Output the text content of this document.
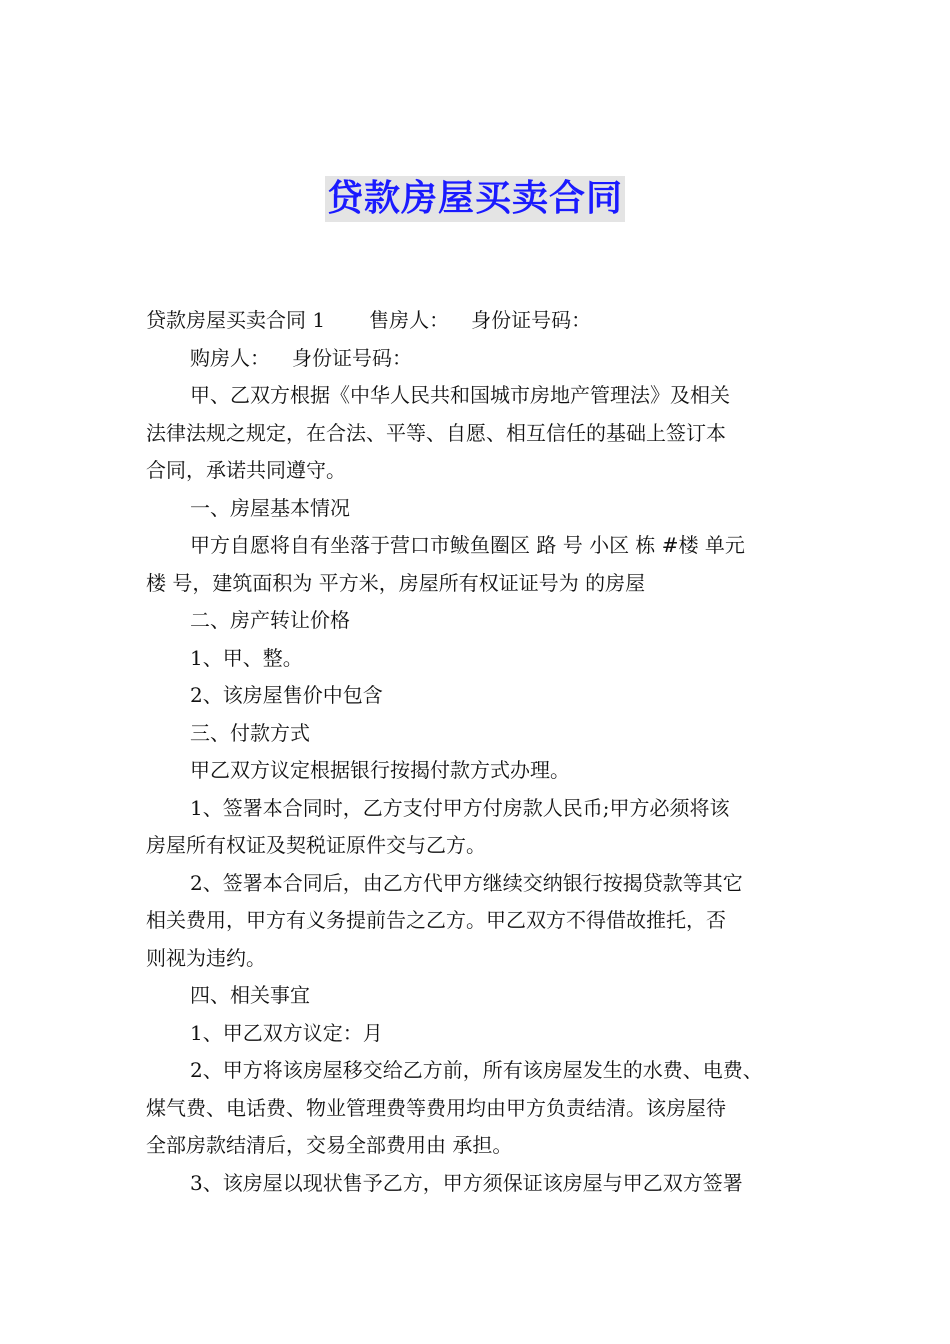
贷款房屋买卖合同

贷款房屋买卖合同 1 售房人： 身份证号码：

购房人： 身份证号码：

甲、乙双方根据《中华人民共和国城市房地产管理法》及相关

法律法规之规定，在合法、平等、自愿、相互信任的基础上签订本

合同，承诺共同遵守。

一、房屋基本情况

甲方自愿将自有坐落于营口市鲅鱼圈区 路 号 小区 栋 #楼 单元

楼 号，建筑面积为 平方米，房屋所有权证证号为 的房屋

二、房产转让价格

1、甲、整。

2、该房屋售价中包含

三、付款方式

甲乙双方议定根据银行按揭付款方式办理。

1、签署本合同时，乙方支付甲方付房款人民币;甲方必须将该

房屋所有权证及契税证原件交与乙方。

2、签署本合同后，由乙方代甲方继续交纳银行按揭贷款等其它

相关费用，甲方有义务提前告之乙方。甲乙双方不得借故推托，否

则视为违约。

四、相关事宜

1、甲乙双方议定：月

2、甲方将该房屋移交给乙方前，所有该房屋发生的水费、电费、

煤气费、电话费、物业管理费等费用均由甲方负责结清。该房屋待

全部房款结清后，交易全部费用由 承担。

3、该房屋以现状售予乙方，甲方须保证该房屋与甲乙双方签署
